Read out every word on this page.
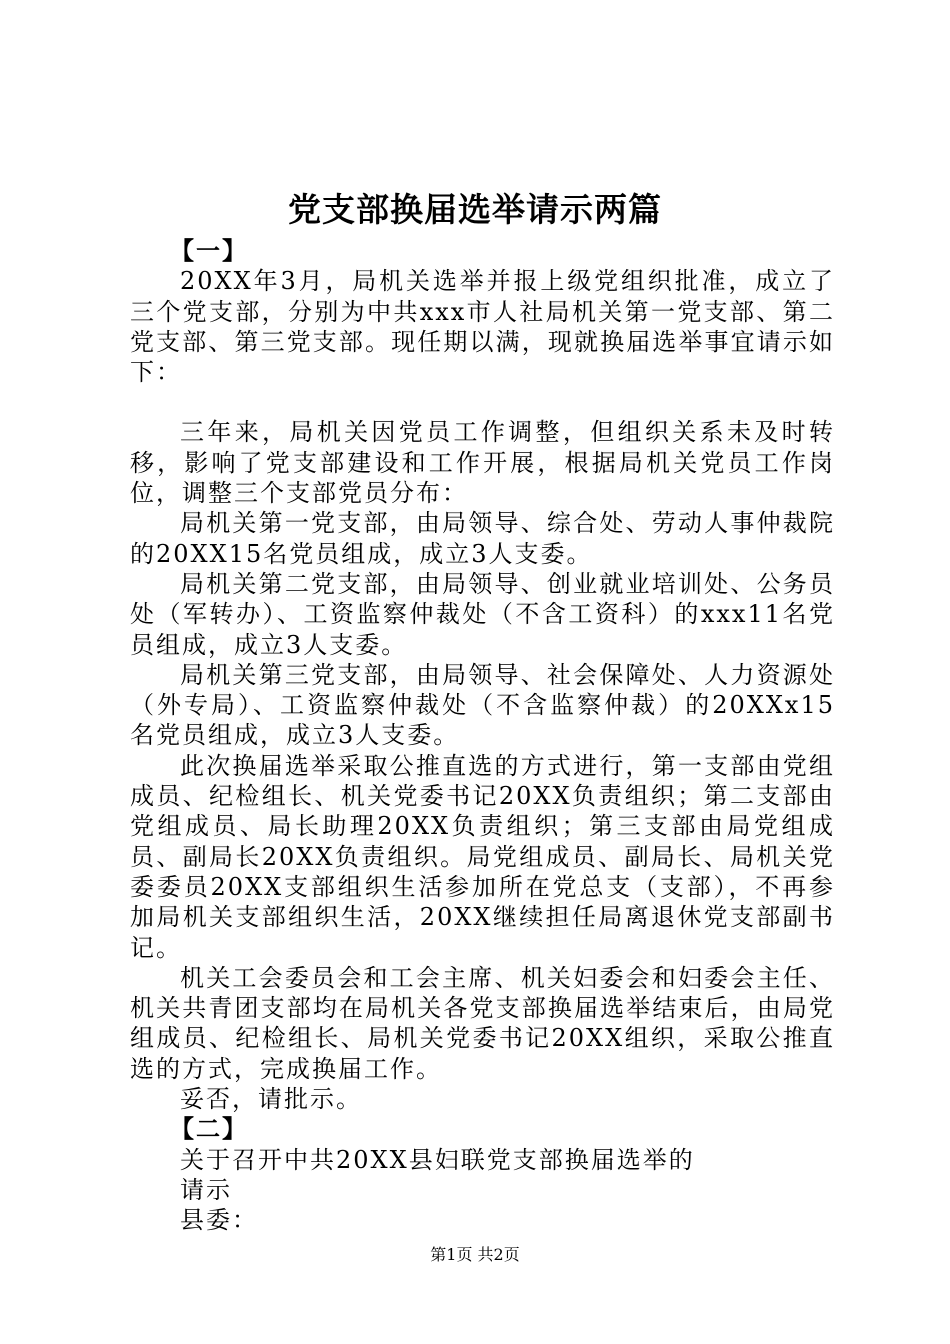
党支部换届选举请示两篇

【一】

20XX年3月，局机关选举并报上级党组织批准，成立了三个党支部，分别为中共xxx市人社局机关第一党支部、第二党支部、第三党支部。现任期以满，现就换届选举事宜请示如下：

三年来，局机关因党员工作调整，但组织关系未及时转移，影响了党支部建设和工作开展，根据局机关党员工作岗位，调整三个支部党员分布：

局机关第一党支部，由局领导、综合处、劳动人事仲裁院的20XX15名党员组成，成立3人支委。

局机关第二党支部，由局领导、创业就业培训处、公务员处（军转办）、工资监察仲裁处（不含工资科）的xxx11名党员组成，成立3人支委。

局机关第三党支部，由局领导、社会保障处、人力资源处（外专局）、工资监察仲裁处（不含监察仲裁）的20XXx15名党员组成，成立3人支委。

此次换届选举采取公推直选的方式进行，第一支部由党组成员、纪检组长、机关党委书记20XX负责组织；第二支部由党组成员、局长助理20XX负责组织；第三支部由局党组成员、副局长20XX负责组织。局党组成员、副局长、局机关党委委员20XX支部组织生活参加所在党总支（支部），不再参加局机关支部组织生活，20XX继续担任局离退休党支部副书记。

机关工会委员会和工会主席、机关妇委会和妇委会主任、机关共青团支部均在局机关各党支部换届选举结束后，由局党组成员、纪检组长、局机关党委书记20XX组织，采取公推直选的方式，完成换届工作。

妥否，请批示。

【二】

关于召开中共20XX县妇联党支部换届选举的

请示

县委：

第1页 共2页
